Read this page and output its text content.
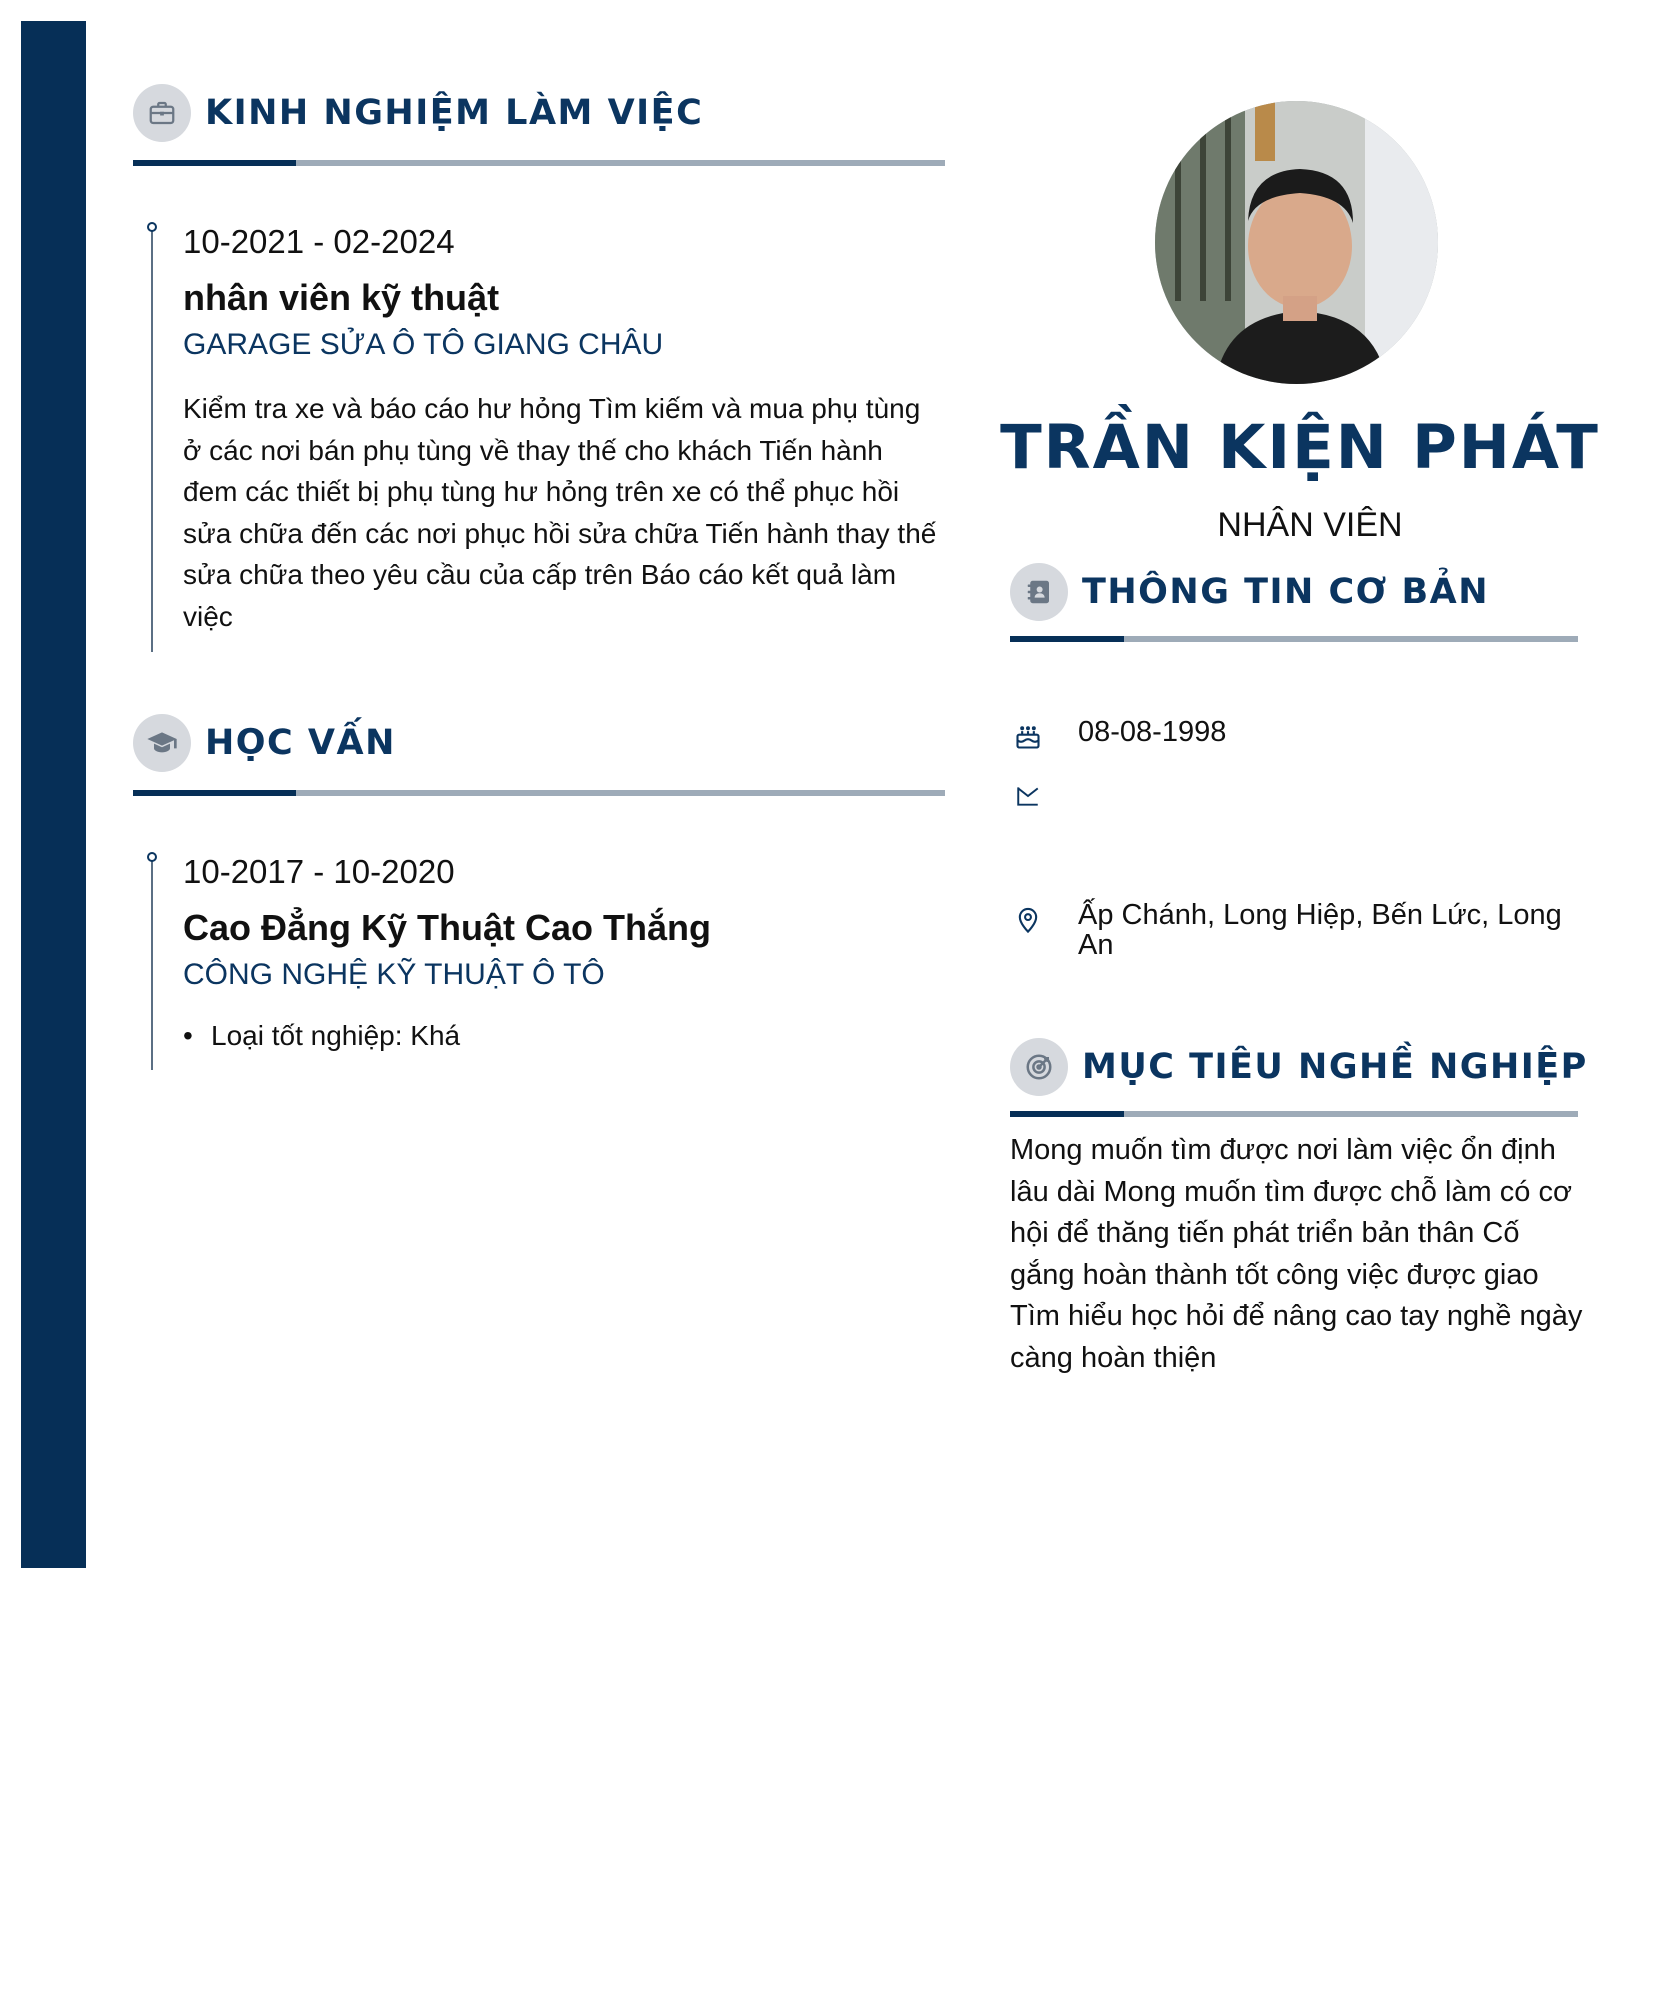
KINH NGHIỆM LÀM VIỆC

10-2021 - 02-2024

nhân viên kỹ thuật

GARAGE SỬA Ô TÔ GIANG CHÂU

Kiểm tra xe và báo cáo hư hỏng Tìm kiếm và mua phụ tùng ở các nơi bán phụ tùng về thay thế cho khách Tiến hành đem các thiết bị phụ tùng hư hỏng trên xe có thể phục hồi sửa chữa đến các nơi phục hồi sửa chữa Tiến hành thay thế sửa chữa theo yêu cầu của cấp trên Báo cáo kết quả làm việc

HỌC VẤN

10-2017 - 10-2020

Cao Đẳng Kỹ Thuật Cao Thắng

CÔNG NGHỆ KỸ THUẬT Ô TÔ

• Loại tốt nghiệp: Khá

TRẦN KIỆN PHÁT
NHÂN VIÊN
THÔNG TIN CƠ BẢN
08-08-1998
Ấp Chánh, Long Hiệp, Bến Lức, Long An
MỤC TIÊU NGHỀ NGHIỆP

Mong muốn tìm được nơi làm việc ổn định lâu dài Mong muốn tìm được chỗ làm có cơ hội để thăng tiến phát triển bản thân Cố gắng hoàn thành tốt công việc được giao Tìm hiểu học hỏi để nâng cao tay nghề ngày càng hoàn thiện
